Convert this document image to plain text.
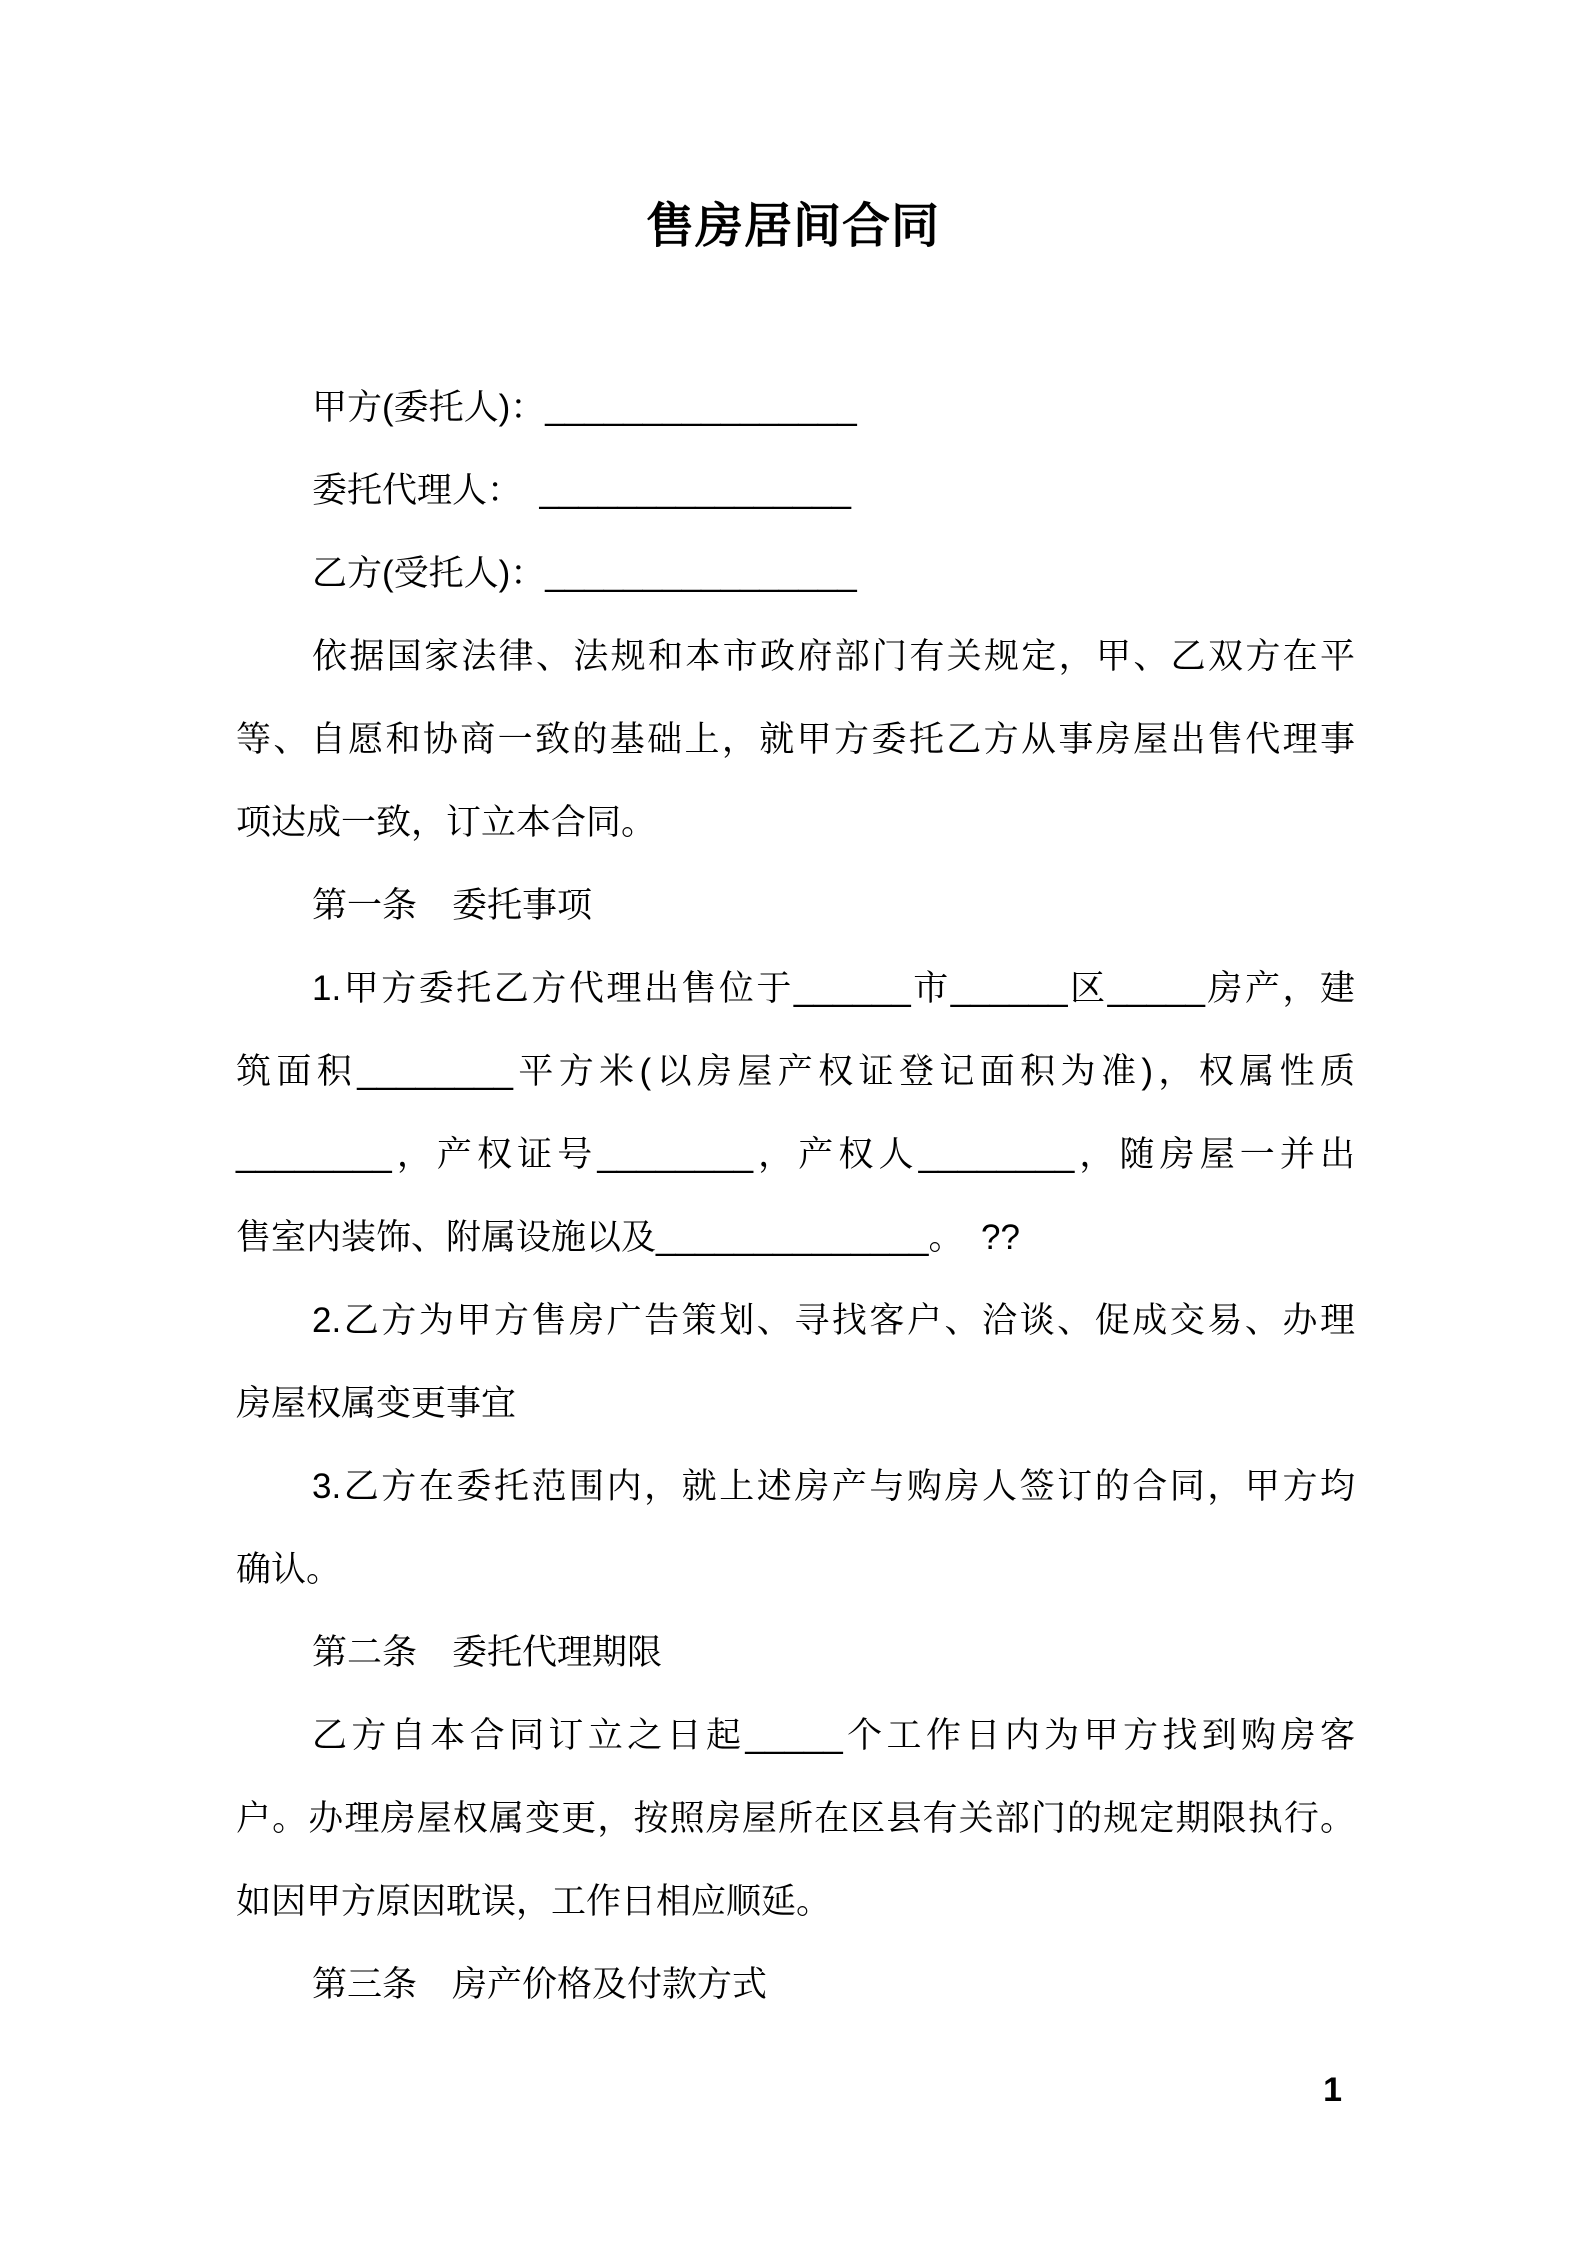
售房居间合同
甲方(委托人)：________________
委托代理人：　________________
乙方(受托人)：________________
依据国家法律、法规和本市政府部门有关规定，甲、乙双方在平
等、自愿和协商一致的基础上，就甲方委托乙方从事房屋出售代理事
项达成一致，订立本合同。
第一条　委托事项
1.甲方委托乙方代理出售位于______市______区_____房产，建
筑面积________平方米(以房屋产权证登记面积为准)，权属性质
________，产权证号________，产权人________，随房屋一并出
售室内装饰、附属设施以及______________。　??
2.乙方为甲方售房广告策划、寻找客户、洽谈、促成交易、办理
房屋权属变更事宜
3.乙方在委托范围内，就上述房产与购房人签订的合同，甲方均
确认。
第二条　委托代理期限
乙方自本合同订立之日起_____个工作日内为甲方找到购房客
户。办理房屋权属变更，按照房屋所在区县有关部门的规定期限执行。
如因甲方原因耽误，工作日相应顺延。
第三条　房产价格及付款方式
1
